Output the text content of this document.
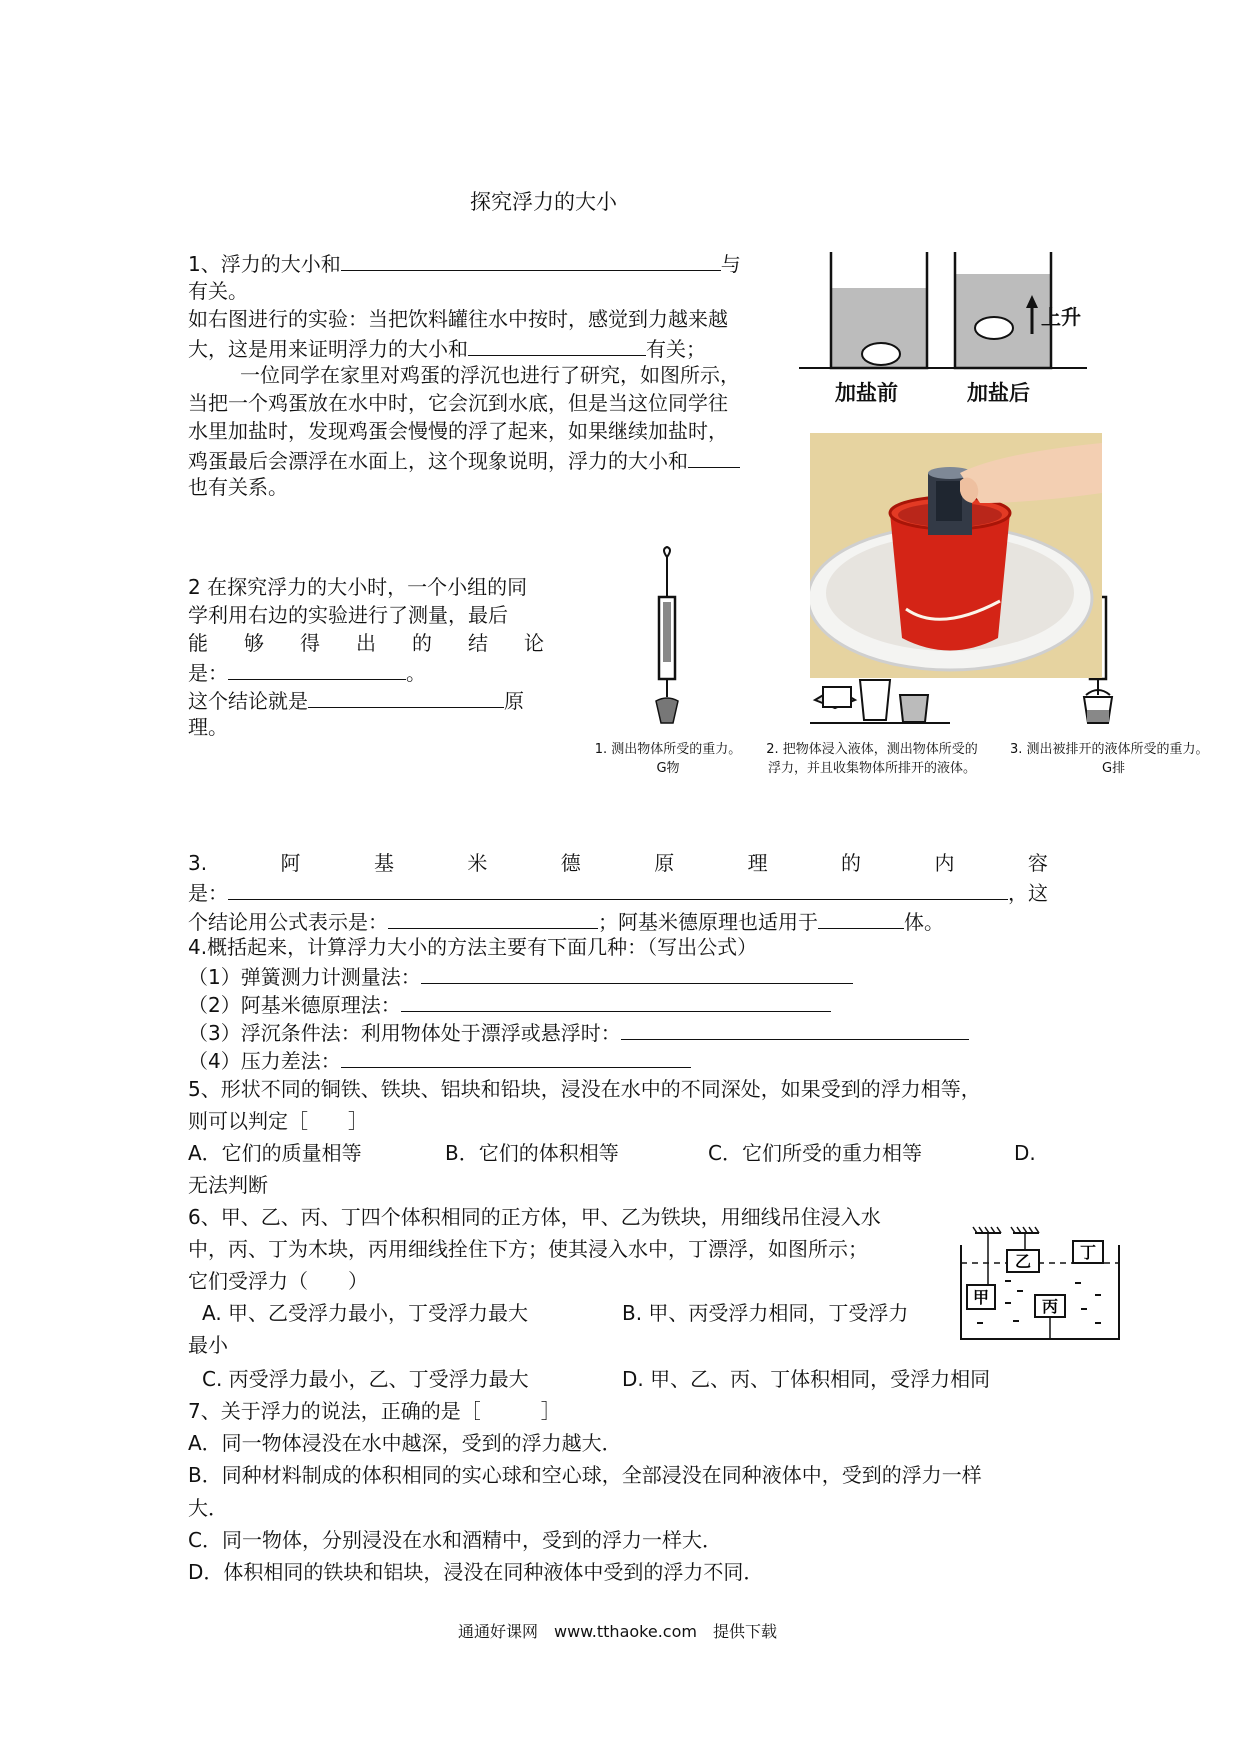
探究浮力的大小
1、浮力的大小和	与
有关。
如右图进行的实验：当把饮料罐往水中按时，感觉到力越来越
大，这是用来证明浮力的大小和	有关；
一位同学在家里对鸡蛋的浮沉也进行了研究，如图所示，
当把一个鸡蛋放在水中时，它会沉到水底，但是当这位同学往
水里加盐时，发现鸡蛋会慢慢的浮了起来，如果继续加盐时，
鸡蛋最后会漂浮在水面上，这个现象说明，浮力的大小和
也有关系。
上升
加盐前	加盐后
2 在探究浮力的大小时，一个小组的同
学利用右边的实验进行了测量，最后
能 够 得 出 的 结 论
是：	。
这个结论就是	原
理。
1. 测出物体所受的重力。
G物
2. 把物体浸入液体，测出物体所受的
浮力，并且收集物体所排开的液体。
3. 测出被排开的液体所受的重力。
G排
3.	阿	基	米	德	原	理	的	内	容
是：	，这
个结论用公式表示是：	；阿基米德原理也适用于	体。
4.概括起来，计算浮力大小的方法主要有下面几种：（写出公式）
（1）弹簧测力计测量法：
（2）阿基米德原理法：
（3）浮沉条件法：利用物体处于漂浮或悬浮时：
（4）压力差法：
5、形状不同的铜铁、铁块、铝块和铅块，浸没在水中的不同深处，如果受到的浮力相等，
则可以判定［　　］
A．它们的质量相等	B．它们的体积相等	C．它们所受的重力相等	D.
无法判断
6、甲、乙、丙、丁四个体积相同的正方体，甲、乙为铁块，用细线吊住浸入水
中，丙、丁为木块，丙用细线拴住下方；使其浸入水中，丁漂浮，如图所示；
它们受浮力（　　）
A. 甲、乙受浮力最小，丁受浮力最大	B. 甲、丙受浮力相同，丁受浮力
最小
C. 丙受浮力最小，乙、丁受浮力最大	D. 甲、乙、丙、丁体积相同，受浮力相同
甲
乙	丁
丙
7、关于浮力的说法，正确的是［　　　］
A．同一物体浸没在水中越深，受到的浮力越大．
B．同种材料制成的体积相同的实心球和空心球，全部浸没在同种液体中，受到的浮力一样
大．
C．同一物体，分别浸没在水和酒精中，受到的浮力一样大．
D．体积相同的铁块和铝块，浸没在同种液体中受到的浮力不同．
通通好课网　www.tthaoke.com　提供下载
